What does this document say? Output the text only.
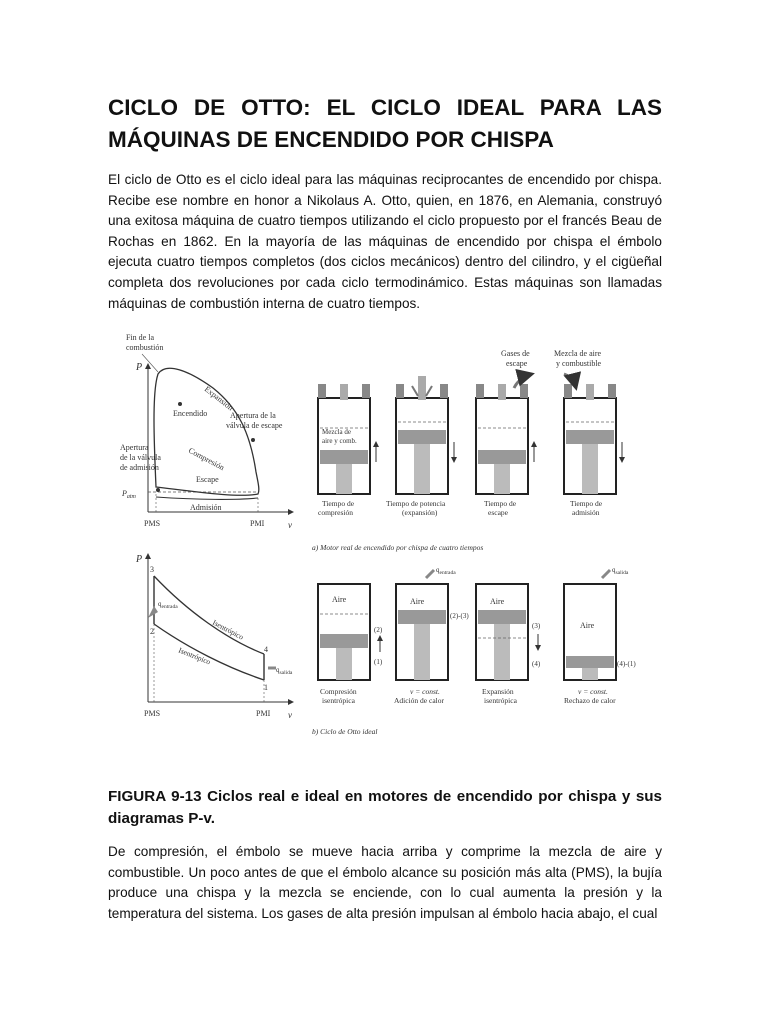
CICLO DE OTTO: EL CICLO IDEAL PARA LAS MÁQUINAS DE ENCENDIDO POR CHISPA

El ciclo de Otto es el ciclo ideal para las máquinas reciprocantes de encendido por chispa. Recibe ese nombre en honor a Nikolaus A. Otto, quien, en 1876, en Alemania, construyó una exitosa máquina de cuatro tiempos utilizando el ciclo propuesto por el francés Beau de Rochas en 1862. En la mayoría de las máquinas de encendido por chispa el émbolo ejecuta cuatro tiempos completos (dos ciclos mecánicos) dentro del cilindro, y el cigüeñal completa dos revoluciones por cada ciclo termodinámico. Estas máquinas son llamadas máquinas de combustión interna de cuatro tiempos.

P
v
$P_{atm}$
Fin de la
combustión
Expansión
Encendido	Apertura de la
válvula de escape
Apertura
de la válvula
de admisión	Compresión
Escape
Admisión
PMS	PMI
Gases de
escape
Mezcla de aire
y combustible
Mezcla de
aire y comb.
Tiempo de
compresión
Tiempo de potencia
(expansión)
Tiempo de
escape
Tiempo de
admisión
a) Motor real de encendido por chispa de cuatro tiempos
P
v
3
2
4
1
$q_{entrada}$
$q_{salida}$
Isentrópico
Isentrópico
PMS	PMI
Aire
(2)
(1)
Aire
$q_{entrada}$
(2)-(3)
Aire
(3)
(4)
Aire
$q_{salida}$
(4)-(1)
Compresión
isentrópica
v = const.
Adición de calor
Expansión
isentrópica
v = const.
Rechazo de calor
b) Ciclo de Otto ideal

FIGURA 9-13 Ciclos real e ideal en motores de encendido por chispa y sus diagramas P-v.

De compresión, el émbolo se mueve hacia arriba y comprime la mezcla de aire y combustible. Un poco antes de que el émbolo alcance su posición más alta (PMS), la bujía produce una chispa y la mezcla se enciende, con lo cual aumenta la presión y la temperatura del sistema. Los gases de alta presión impulsan al émbolo hacia abajo, el cual
